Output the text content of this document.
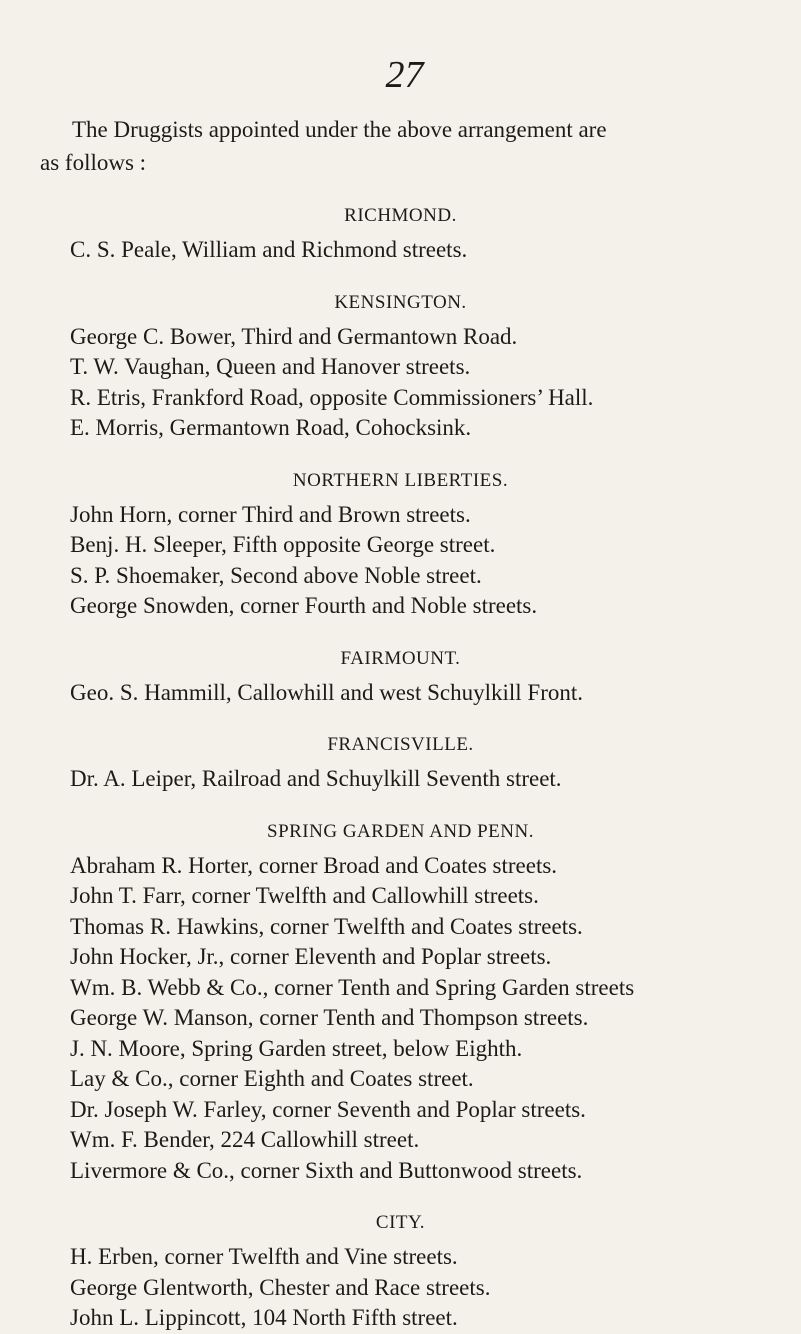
27
The Druggists appointed under the above arrangement are
as follows :
RICHMOND.
C. S. Peale, William and Richmond streets.
KENSINGTON.
George C. Bower, Third and Germantown Road.
T. W. Vaughan, Queen and Hanover streets.
R. Etris, Frankford Road, opposite Commissioners’ Hall.
E. Morris, Germantown Road, Cohocksink.
NORTHERN LIBERTIES.
John Horn, corner Third and Brown streets.
Benj. H. Sleeper, Fifth opposite George street.
S. P. Shoemaker, Second above Noble street.
George Snowden, corner Fourth and Noble streets.
FAIRMOUNT.
Geo. S. Hammill, Callowhill and west Schuylkill Front.
FRANCISVILLE.
Dr. A. Leiper, Railroad and Schuylkill Seventh street.
SPRING GARDEN AND PENN.
Abraham R. Horter, corner Broad and Coates streets.
John T. Farr, corner Twelfth and Callowhill streets.
Thomas R. Hawkins, corner Twelfth and Coates streets.
John Hocker, Jr., corner Eleventh and Poplar streets.
Wm. B. Webb & Co., corner Tenth and Spring Garden streets
George W. Manson, corner Tenth and Thompson streets.
J. N. Moore, Spring Garden street, below Eighth.
Lay & Co., corner Eighth and Coates street.
Dr. Joseph W. Farley, corner Seventh and Poplar streets.
Wm. F. Bender, 224 Callowhill street.
Livermore & Co., corner Sixth and Buttonwood streets.
CITY.
H. Erben, corner Twelfth and Vine streets.
George Glentworth, Chester and Race streets.
John L. Lippincott, 104 North Fifth street.
